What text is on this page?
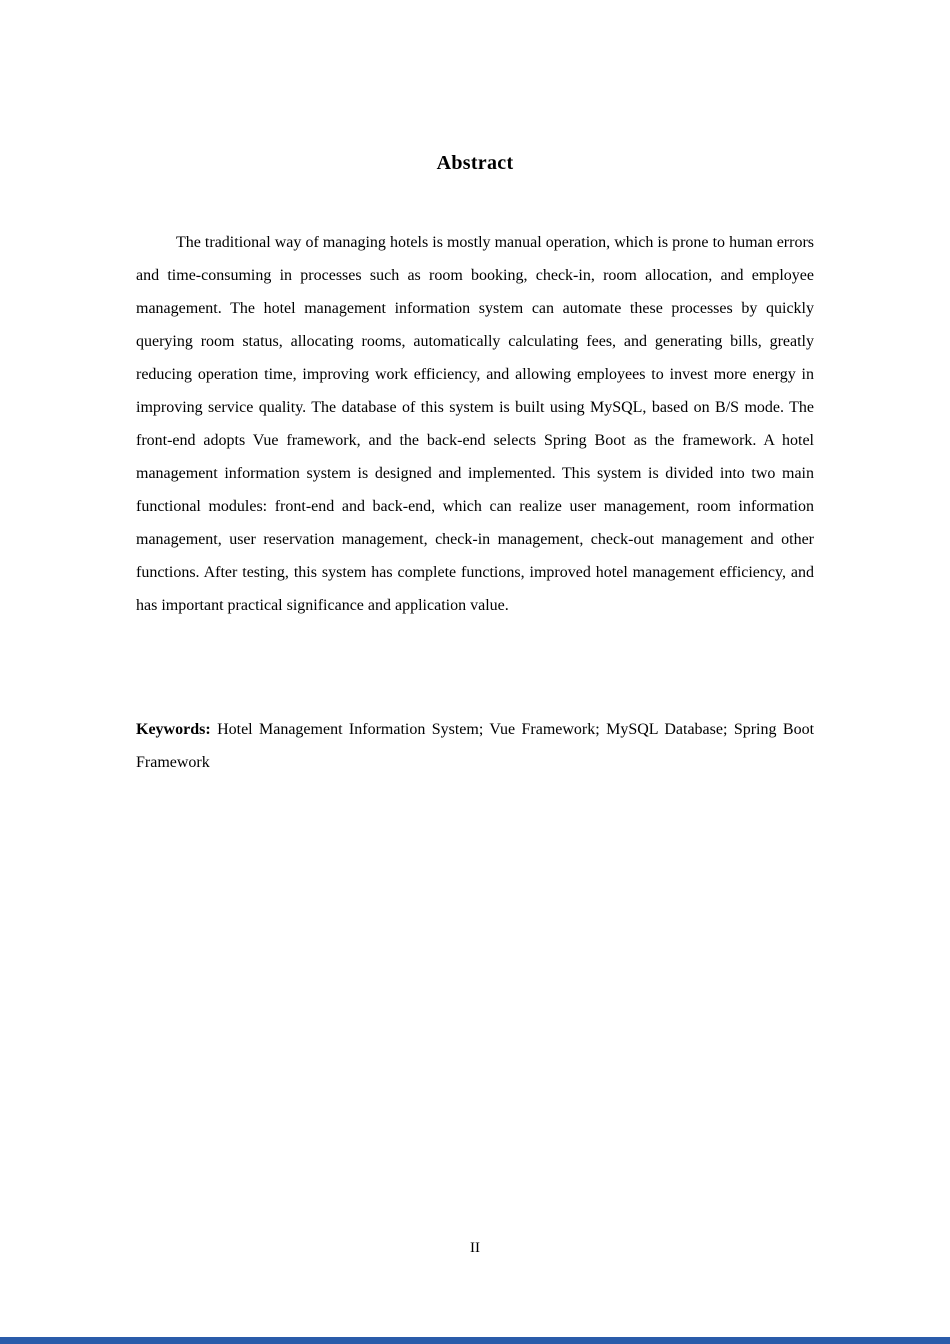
Abstract

The traditional way of managing hotels is mostly manual operation, which is prone to human errors and time-consuming in processes such as room booking, check-in, room allocation, and employee management. The hotel management information system can automate these processes by quickly querying room status, allocating rooms, automatically calculating fees, and generating bills, greatly reducing operation time, improving work efficiency, and allowing employees to invest more energy in improving service quality. The database of this system is built using MySQL, based on B/S mode. The front-end adopts Vue framework, and the back-end selects Spring Boot as the framework. A hotel management information system is designed and implemented. This system is divided into two main functional modules: front-end and back-end, which can realize user management, room information management, user reservation management, check-in management, check-out management and other functions. After testing, this system has complete functions, improved hotel management efficiency, and has important practical significance and application value.

Keywords: Hotel Management Information System; Vue Framework; MySQL Database; Spring Boot Framework
II
